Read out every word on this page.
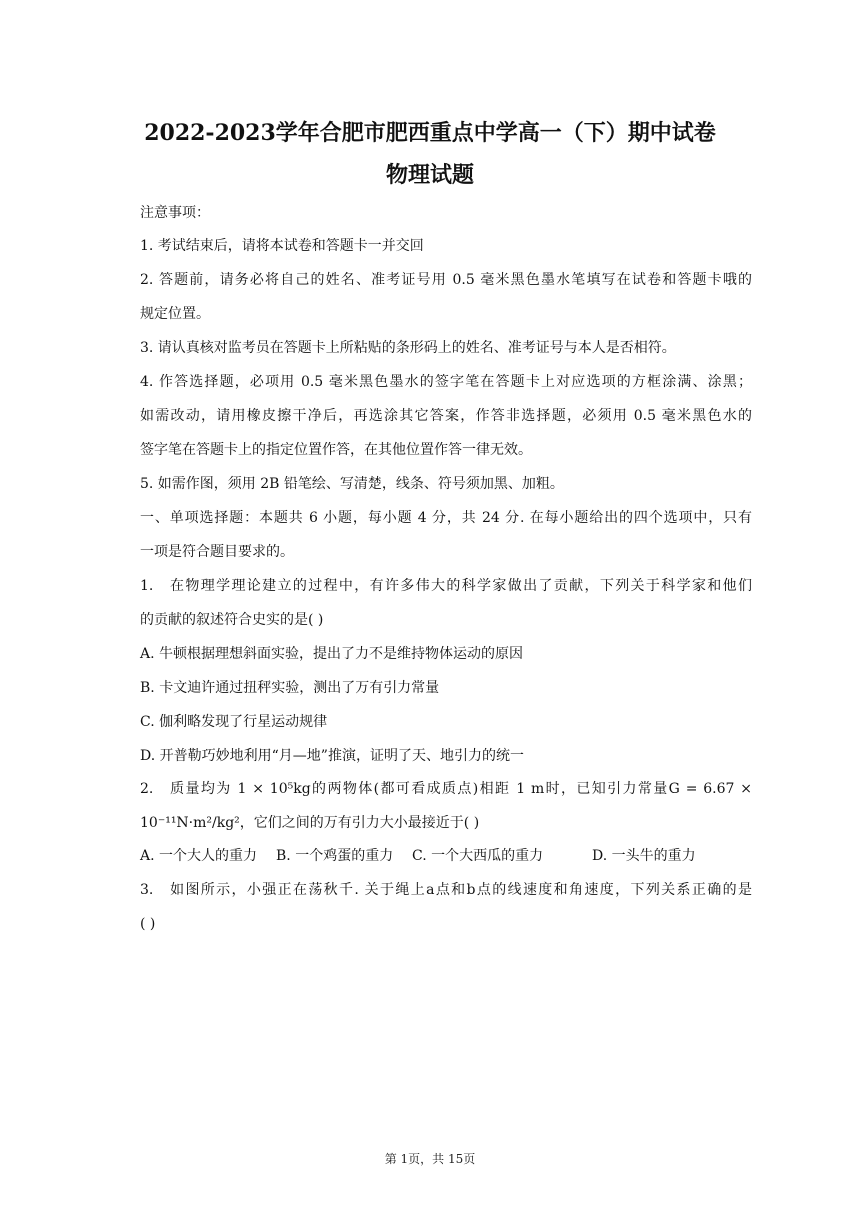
2022-2023学年合肥市肥西重点中学高一（下）期中试卷
物理试题
注意事项：
1. 考试结束后，请将本试卷和答题卡一并交回
2. 答题前，请务必将自己的姓名、准考证号用 0.5 毫米黑色墨水笔填写在试卷和答题卡哦的
规定位置。
3. 请认真核对监考员在答题卡上所粘贴的条形码上的姓名、准考证号与本人是否相符。
4. 作答选择题，必项用 0.5 毫米黑色墨水的签字笔在答题卡上对应选项的方框涂满、涂黑；
如需改动，请用橡皮擦干净后，再选涂其它答案，作答非选择题，必须用 0.5 毫米黑色水的
签字笔在答题卡上的指定位置作答，在其他位置作答一律无效。
5. 如需作图，须用 2B 铅笔绘、写清楚，线条、符号须加黑、加粗。
一、单项选择题：本题共 6 小题，每小题 4 分，共 24 分. 在每小题给出的四个选项中，只有
一项是符合题目要求的。
1.　在物理学理论建立的过程中，有许多伟大的科学家做出了贡献，下列关于科学家和他们
的贡献的叙述符合史实的是( )
A. 牛顿根据理想斜面实验，提出了力不是维持物体运动的原因
B. 卡文迪许通过扭秤实验，测出了万有引力常量
C. 伽利略发现了行星运动规律
D. 开普勒巧妙地利用“月—地”推演，证明了天、地引力的统一
2.　质量均为 1 × 10⁵kg的两物体(都可看成质点)相距 1 m时，已知引力常量G = 6.67 ×
10⁻¹¹N·m²/kg²，它们之间的万有引力大小最接近于( )
A. 一个大人的重力	B. 一个鸡蛋的重力	C. 一个大西瓜的重力	D. 一头牛的重力
3.　如图所示，小强正在荡秋千. 关于绳上a点和b点的线速度和角速度，下列关系正确的是
( )
第 1页，共 15页
